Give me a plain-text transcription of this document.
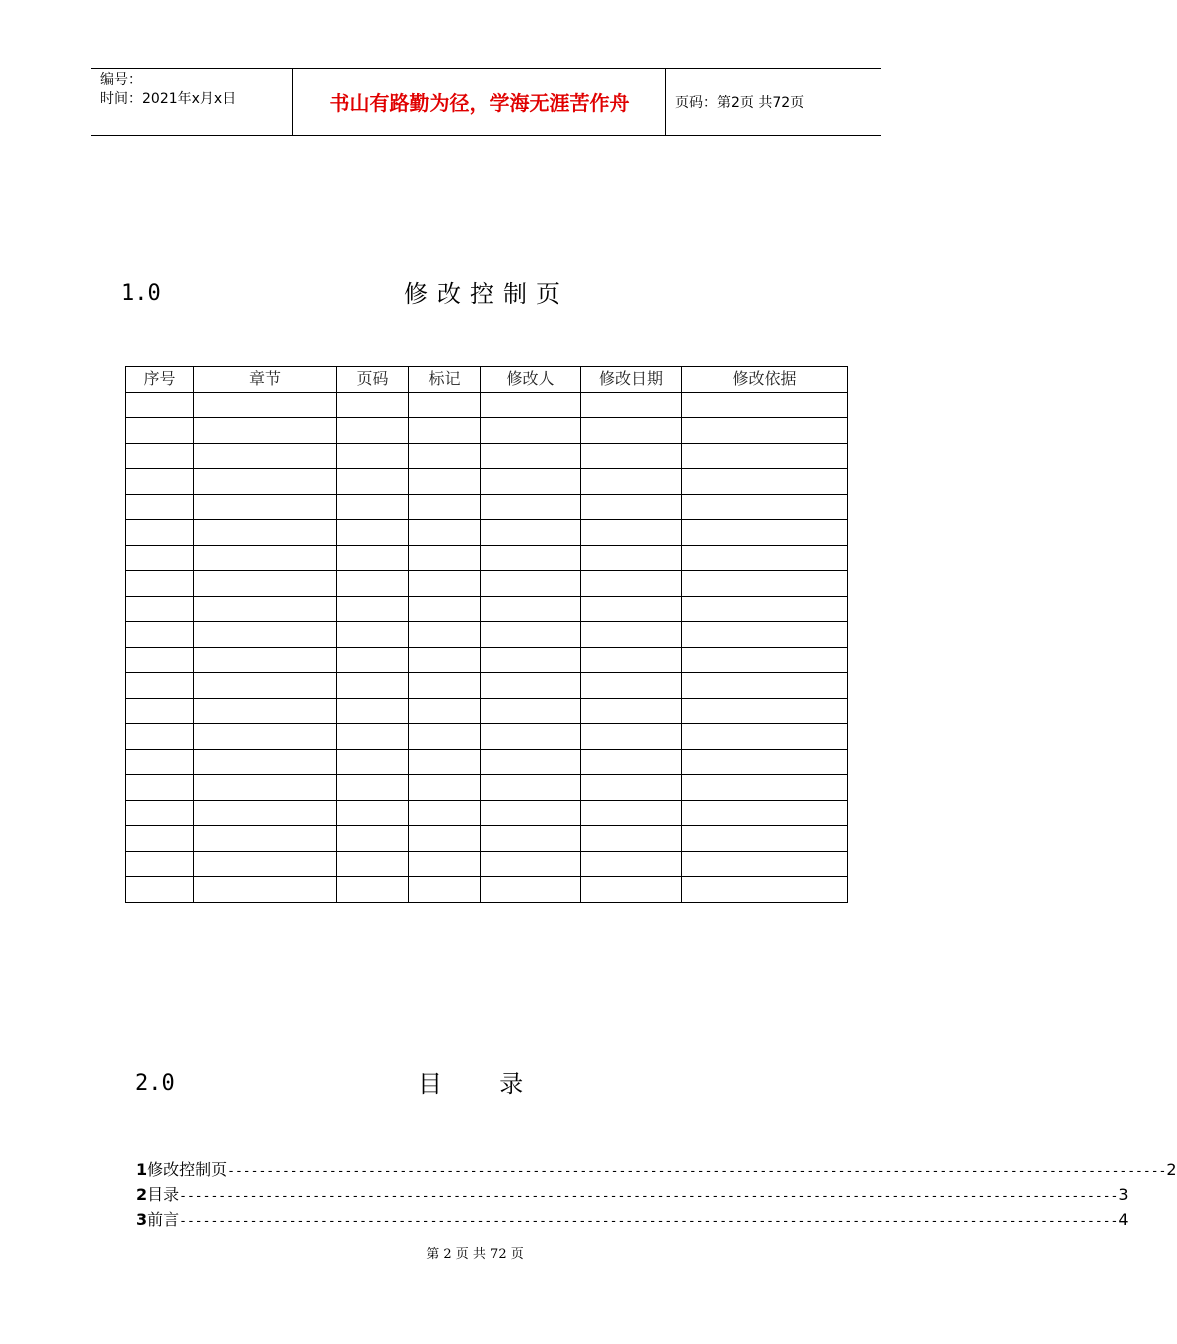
编号：
时间：2021年x月x日	书山有路勤为径，学海无涯苦作舟	页码：第2页 共72页
1.0	修改控制页
序号	章节	页码	标记	修改人	修改日期	修改依据

2.0	目  录
1 修改控制页 ------------------------------------------------------------------------------------------------------------------------ 2
2 目录 ------------------------------------------------------------------------------------------------------------------------ 3
3 前言 ------------------------------------------------------------------------------------------------------------------------ 4
第 2 页 共 72 页
